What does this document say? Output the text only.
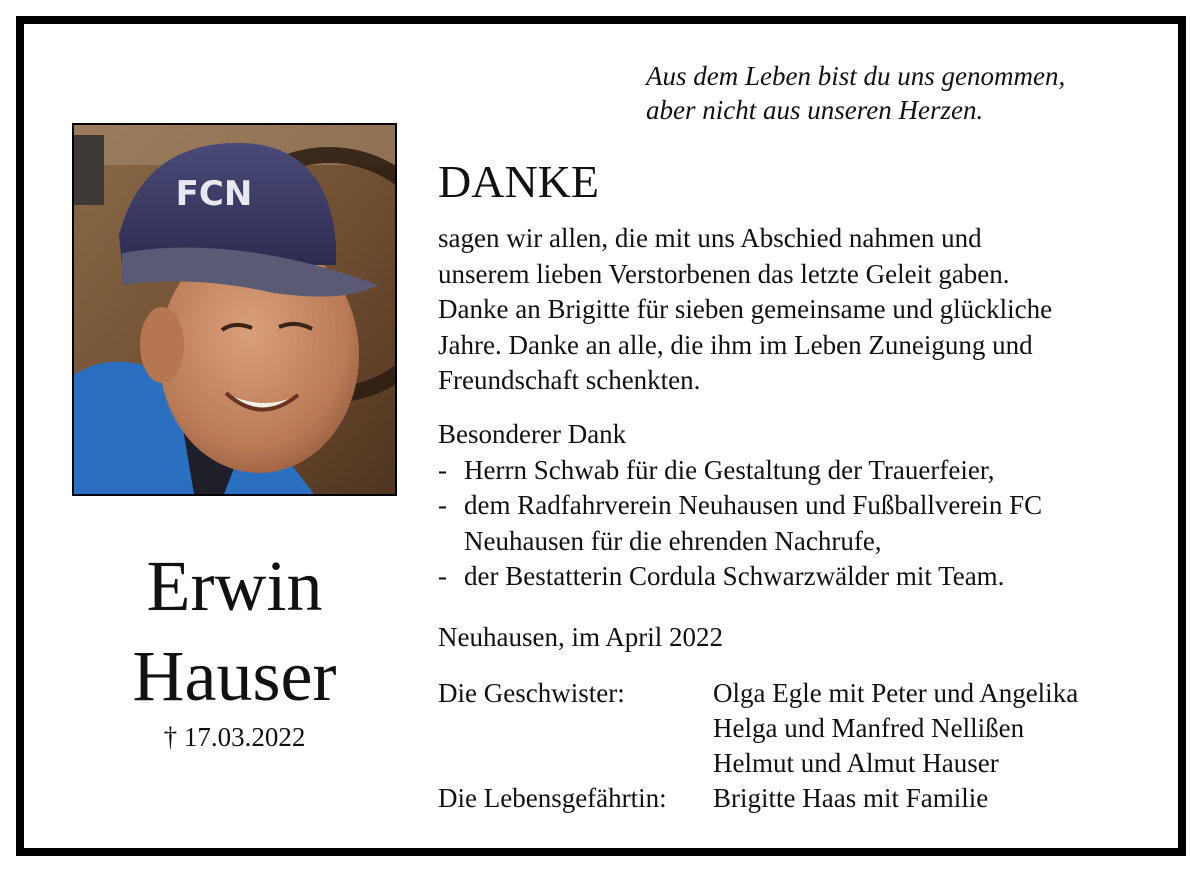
Aus dem Leben bist du uns genommen,
aber nicht aus unseren Herzen.
FCN
Erwin
Hauser
† 17.03.2022
DANKE
sagen wir allen, die mit uns Abschied nahmen und
unserem lieben Verstorbenen das letzte Geleit gaben.
Danke an Brigitte für sieben gemeinsame und glückliche
Jahre. Danke an alle, die ihm im Leben Zuneigung und
Freundschaft schenkten.
Besonderer Dank
- Herrn Schwab für die Gestaltung der Trauerfeier,
- dem Radfahrverein Neuhausen und Fußballverein FC
Neuhausen für die ehrenden Nachrufe,
- der Bestatterin Cordula Schwarzwälder mit Team.
Neuhausen, im April 2022
Die Geschwister:	Olga Egle mit Peter und Angelika
Helga und Manfred Nellißen
Helmut und Almut Hauser
Die Lebensgefährtin:	Brigitte Haas mit Familie
